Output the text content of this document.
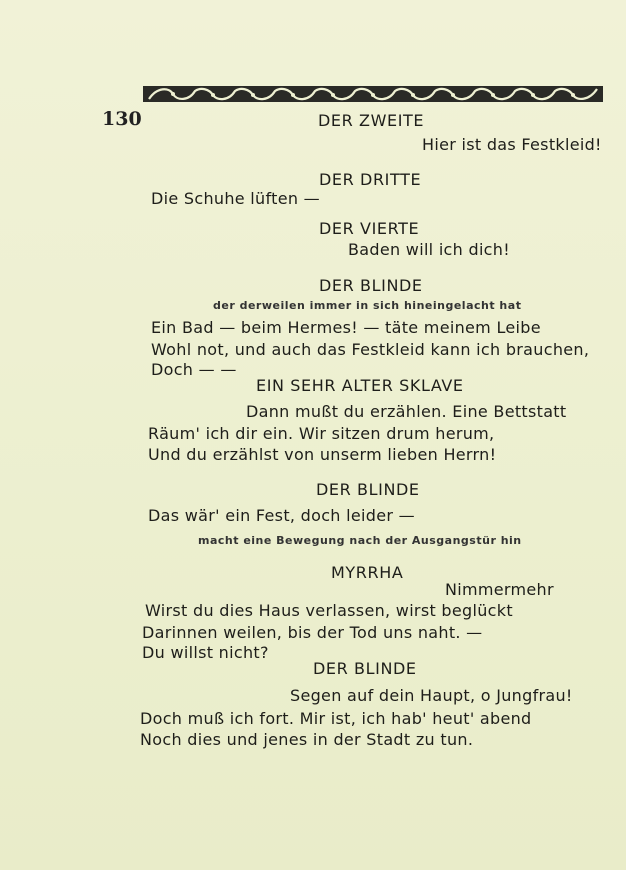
130	DER ZWEITE
Hier ist das Festkleid!
DER DRITTE
Die Schuhe lüften —
DER VIERTE
Baden will ich dich!
DER BLINDE
der derweilen immer in sich hineingelacht hat
Ein Bad — beim Hermes! — täte meinem Leibe
Wohl not, und auch das Festkleid kann ich brauchen,
Doch — —
EIN SEHR ALTER SKLAVE
Dann mußt du erzählen. Eine Bettstatt
Räum' ich dir ein. Wir sitzen drum herum,
Und du erzählst von unserm lieben Herrn!
DER BLINDE
Das wär' ein Fest, doch leider —
macht eine Bewegung nach der Ausgangstür hin
MYRRHA
Nimmermehr
Wirst du dies Haus verlassen, wirst beglückt
Darinnen weilen, bis der Tod uns naht. —
Du willst nicht?
DER BLINDE
Segen auf dein Haupt, o Jungfrau!
Doch muß ich fort. Mir ist, ich hab' heut' abend
Noch dies und jenes in der Stadt zu tun.
